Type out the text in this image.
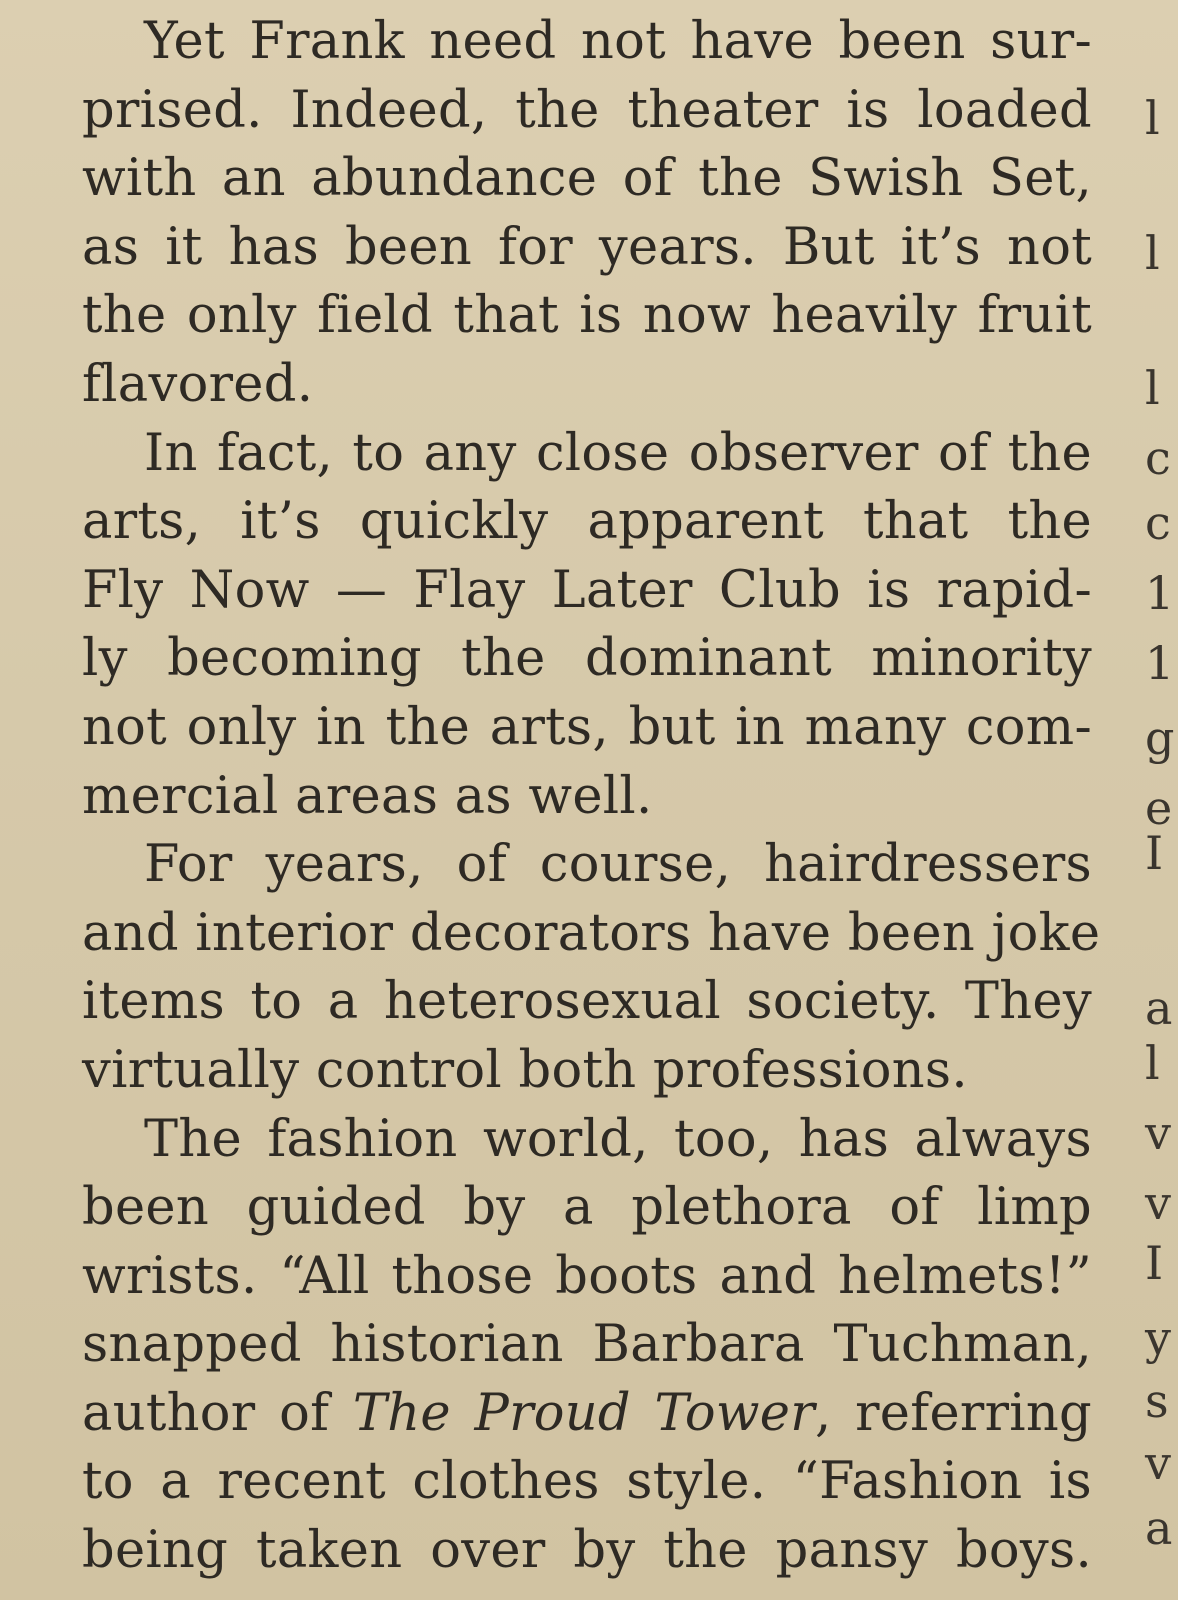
Yet Frank need not have been sur-
prised. Indeed, the theater is loaded
with an abundance of the Swish Set,
as it has been for years. But it’s not
the only field that is now heavily fruit
flavored.
In fact, to any close observer of the
arts, it’s quickly apparent that the
Fly Now — Flay Later Club is rapid-
ly becoming the dominant minority
not only in the arts, but in many com-
mercial areas as well.
For years, of course, hairdressers
and interior decorators have been joke
items to a heterosexual society. They
virtually control both professions.
The fashion world, too, has always
been guided by a plethora of limp
wrists. “All those boots and helmets!”
snapped historian Barbara Tuchman,
author of The Proud Tower, referring
to a recent clothes style. “Fashion is
being taken over by the pansy boys.
l
l
l
c
c
1
1
g
e
I
a
l
v
v
I
y
s
v
a
